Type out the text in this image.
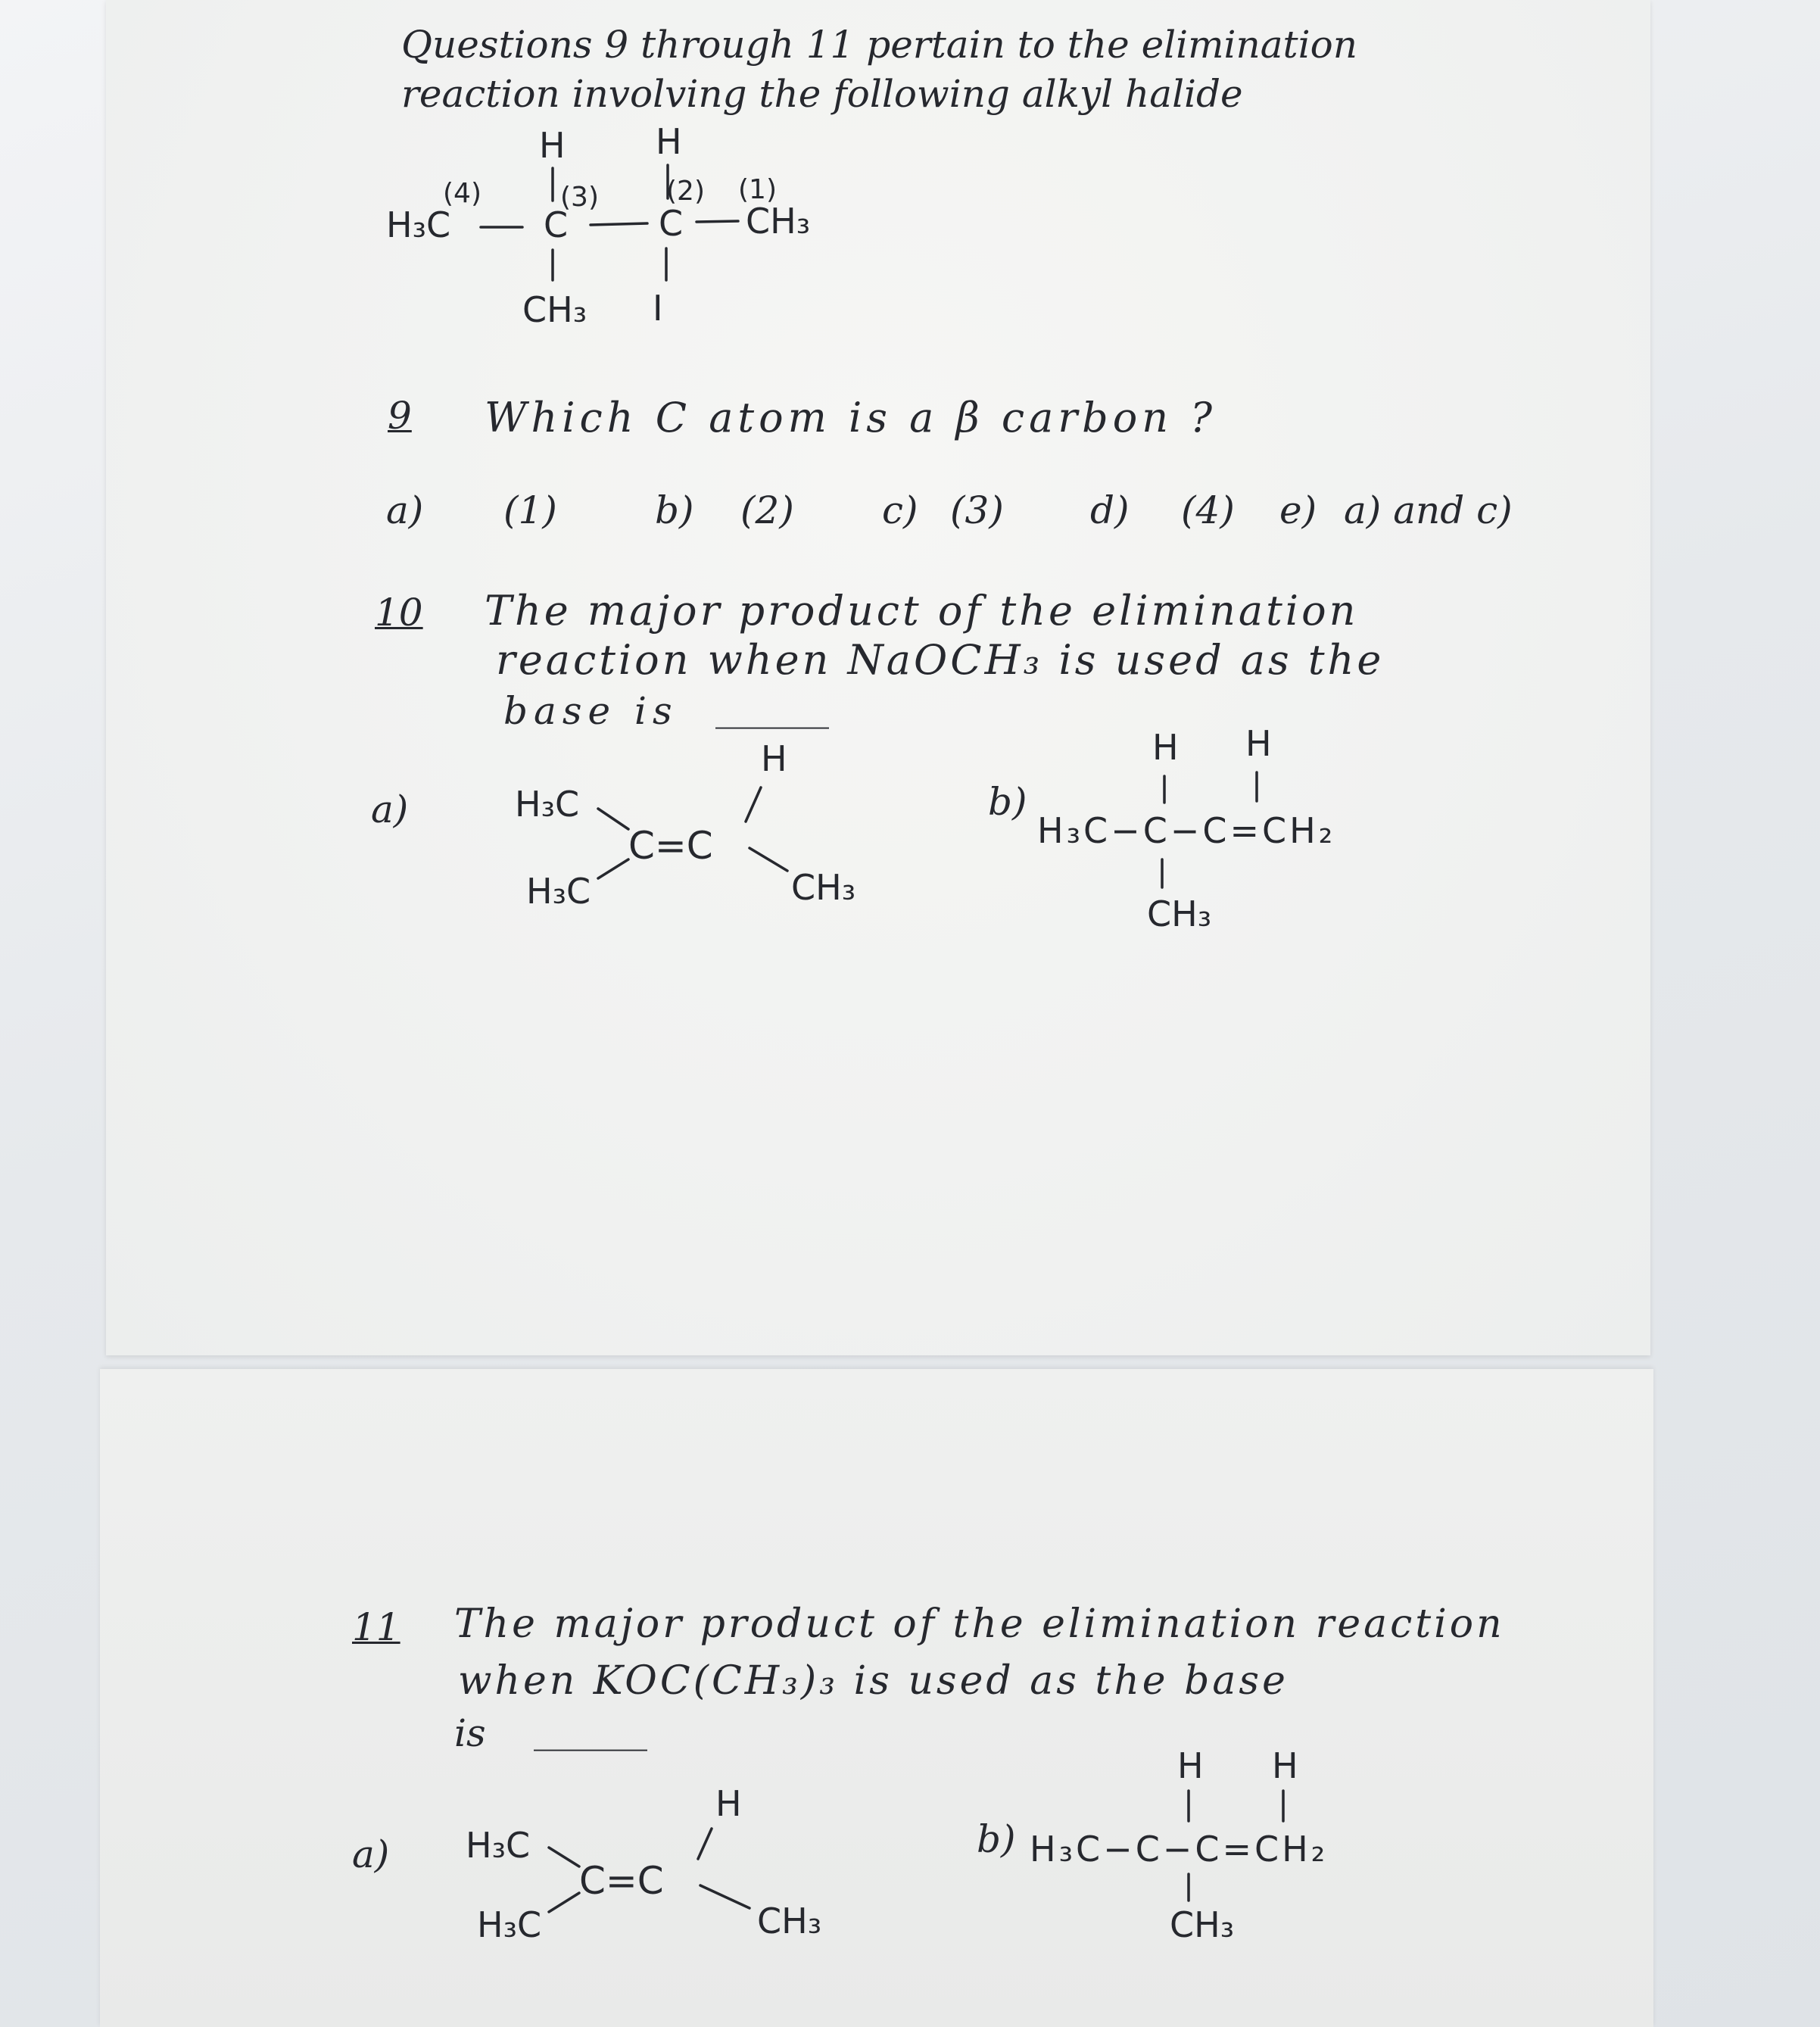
Questions 9 through 11 pertain to the elimination
reaction involving the following alkyl halide
H	H
(4)	(3) (2) (1)
H₃C	C	C CH₃
CH₃ I
9 Which C atom is a β carbon ?
a) (1)	b) (2) c) (3) d) (4) e) a) and c)
10 The major product of the elimination
reaction when NaOCH₃ is used as the
base is ______
a)	H₃C
H₃C
C=C
H
CH₃
b)
H H
H₃C−C−C=CH₂
CH₃
11 The major product of the elimination reaction
when KOC(CH₃)₃ is used as the base
is ______
a) H₃C
H₃C
C=C
H
CH₃
b)
H H
H₃C−C−C=CH₂
CH₃
